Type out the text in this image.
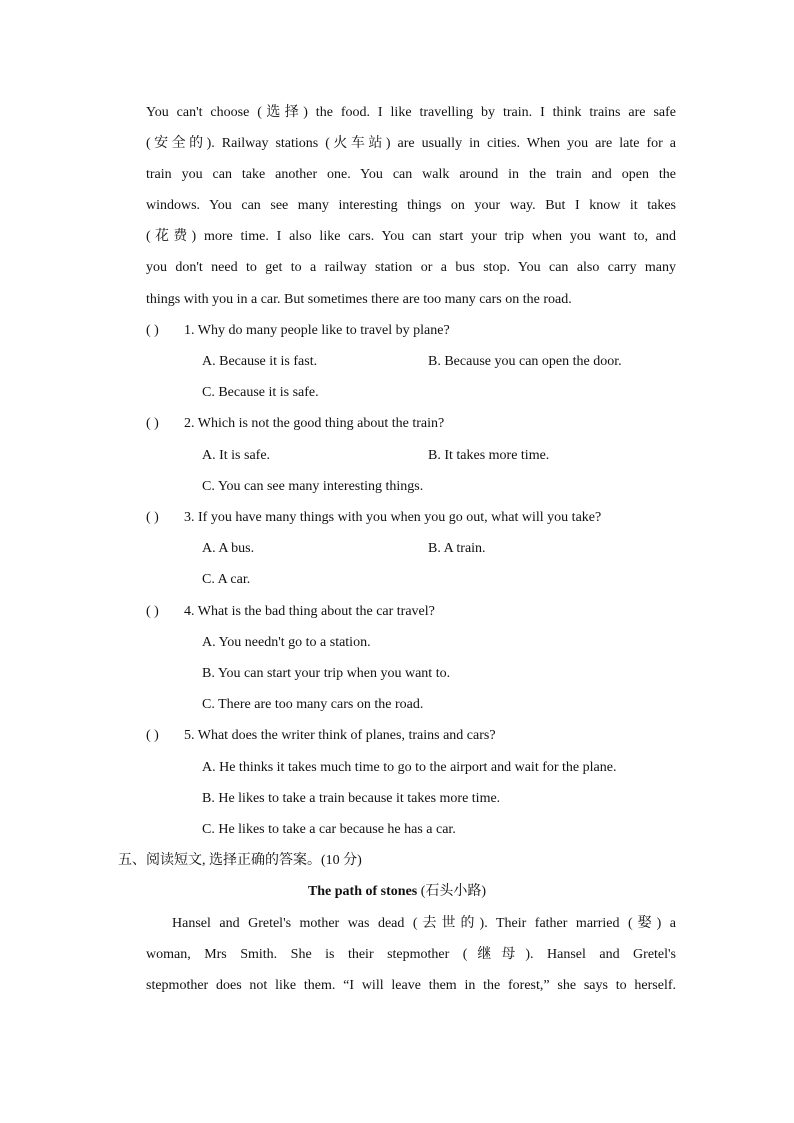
You can't choose (选择) the food. I like travelling by train. I think trains are safe
(安全的). Railway stations (火车站) are usually in cities. When you are late for a
train you can take another one. You can walk around in the train and open the
windows. You can see many interesting things on your way. But I know it takes
(花费) more time. I also like cars. You can start your trip when you want to, and
you don't need to get to a railway station or a bus stop. You can also carry many
things with you in a car. But sometimes there are too many cars on the road.
( ) 1. Why do many people like to travel by plane?
A. Because it is fast.	B. Because you can open the door.
C. Because it is safe.
( ) 2. Which is not the good thing about the train?
A. It is safe.	B. It takes more time.
C. You can see many interesting things.
( ) 3. If you have many things with you when you go out, what will you take?
A. A bus.	B. A train.
C. A car.
( ) 4. What is the bad thing about the car travel?
A. You needn't go to a station.
B. You can start your trip when you want to.
C. There are too many cars on the road.
( ) 5. What does the writer think of planes, trains and cars?
A. He thinks it takes much time to go to the airport and wait for the plane.
B. He likes to take a train because it takes more time.
C. He likes to take a car because he has a car.
五、阅读短文, 选择正确的答案。(10 分)
The path of stones (石头小路)
Hansel and Gretel's mother was dead (去世的). Their father married (娶) a
woman, Mrs Smith. She is their stepmother (继母). Hansel and Gretel's
stepmother does not like them. “I will leave them in the forest,” she says to herself.
